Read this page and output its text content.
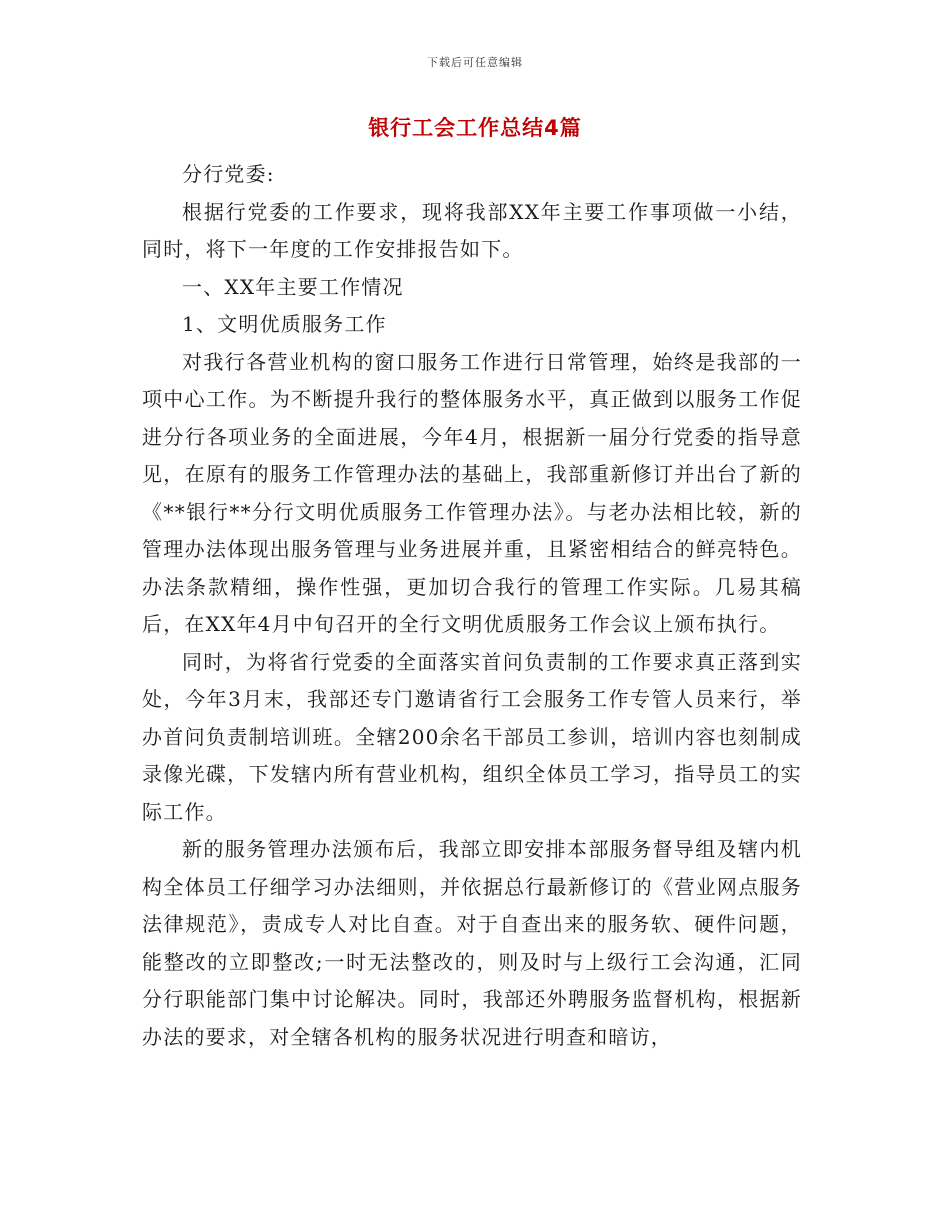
下载后可任意编辑
银行工会工作总结4篇

分行党委:

根据行党委的工作要求，现将我部XX年主要工作事项做一小结，同时，将下一年度的工作安排报告如下。

一、XX年主要工作情况

1、文明优质服务工作

对我行各营业机构的窗口服务工作进行日常管理，始终是我部的一项中心工作。为不断提升我行的整体服务水平，真正做到以服务工作促进分行各项业务的全面进展，今年4月，根据新一届分行党委的指导意见，在原有的服务工作管理办法的基础上，我部重新修订并出台了新的《**银行**分行文明优质服务工作管理办法》。与老办法相比较，新的管理办法体现出服务管理与业务进展并重，且紧密相结合的鲜亮特色。办法条款精细，操作性强，更加切合我行的管理工作实际。几易其稿后，在XX年4月中旬召开的全行文明优质服务工作会议上颁布执行。

同时，为将省行党委的全面落实首问负责制的工作要求真正落到实处，今年3月末，我部还专门邀请省行工会服务工作专管人员来行，举办首问负责制培训班。全辖200余名干部员工参训，培训内容也刻制成录像光碟，下发辖内所有营业机构，组织全体员工学习，指导员工的实际工作。

新的服务管理办法颁布后，我部立即安排本部服务督导组及辖内机构全体员工仔细学习办法细则，并依据总行最新修订的《营业网点服务法律规范》，责成专人对比自查。对于自查出来的服务软、硬件问题，能整改的立即整改;一时无法整改的，则及时与上级行工会沟通，汇同分行职能部门集中讨论解决。同时，我部还外聘服务监督机构，根据新办法的要求，对全辖各机构的服务状况进行明查和暗访，
